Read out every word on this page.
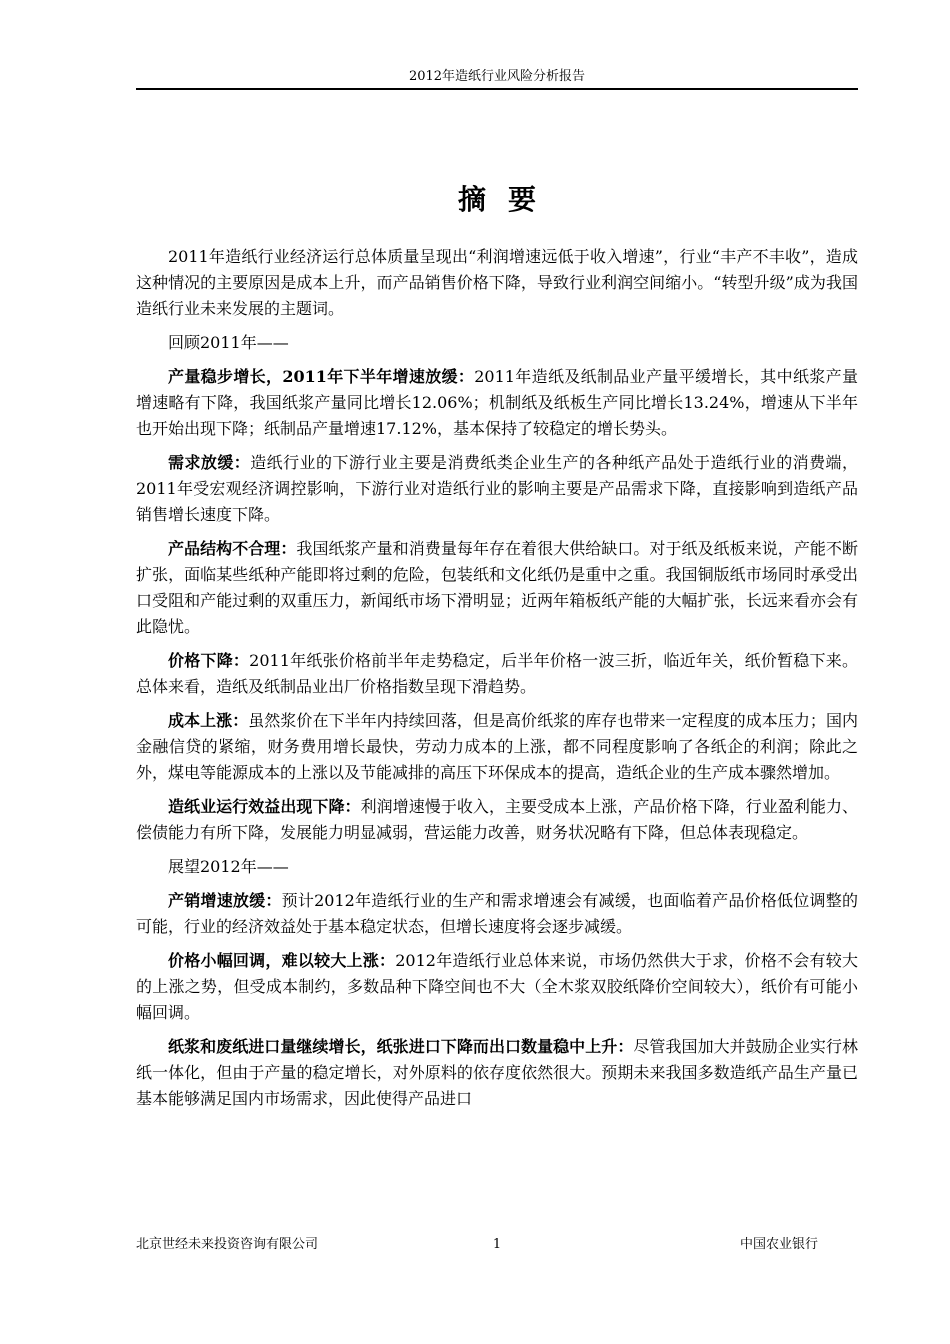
2012年造纸行业风险分析报告
摘要

2011年造纸行业经济运行总体质量呈现出“利润增速远低于收入增速”，行业“丰产不丰收”，造成这种情况的主要原因是成本上升，而产品销售价格下降，导致行业利润空间缩小。“转型升级”成为我国造纸行业未来发展的主题词。

回顾2011年——

产量稳步增长，2011年下半年增速放缓：2011年造纸及纸制品业产量平缓增长，其中纸浆产量增速略有下降，我国纸浆产量同比增长12.06%；机制纸及纸板生产同比增长13.24%，增速从下半年也开始出现下降；纸制品产量增速17.12%，基本保持了较稳定的增长势头。

需求放缓：造纸行业的下游行业主要是消费纸类企业生产的各种纸产品处于造纸行业的消费端，2011年受宏观经济调控影响，下游行业对造纸行业的影响主要是产品需求下降，直接影响到造纸产品销售增长速度下降。

产品结构不合理：我国纸浆产量和消费量每年存在着很大供给缺口。对于纸及纸板来说，产能不断扩张，面临某些纸种产能即将过剩的危险，包装纸和文化纸仍是重中之重。我国铜版纸市场同时承受出口受阻和产能过剩的双重压力，新闻纸市场下滑明显；近两年箱板纸产能的大幅扩张，长远来看亦会有此隐忧。

价格下降：2011年纸张价格前半年走势稳定，后半年价格一波三折，临近年关，纸价暂稳下来。总体来看，造纸及纸制品业出厂价格指数呈现下滑趋势。

成本上涨：虽然浆价在下半年内持续回落，但是高价纸浆的库存也带来一定程度的成本压力；国内金融信贷的紧缩，财务费用增长最快，劳动力成本的上涨，都不同程度影响了各纸企的利润；除此之外，煤电等能源成本的上涨以及节能减排的高压下环保成本的提高，造纸企业的生产成本骤然增加。

造纸业运行效益出现下降：利润增速慢于收入，主要受成本上涨，产品价格下降，行业盈利能力、偿债能力有所下降，发展能力明显减弱，营运能力改善，财务状况略有下降，但总体表现稳定。

展望2012年——

产销增速放缓：预计2012年造纸行业的生产和需求增速会有减缓，也面临着产品价格低位调整的可能，行业的经济效益处于基本稳定状态，但增长速度将会逐步减缓。

价格小幅回调，难以较大上涨：2012年造纸行业总体来说，市场仍然供大于求，价格不会有较大的上涨之势，但受成本制约，多数品种下降空间也不大（全木浆双胶纸降价空间较大），纸价有可能小幅回调。

纸浆和废纸进口量继续增长，纸张进口下降而出口数量稳中上升：尽管我国加大并鼓励企业实行林纸一体化，但由于产量的稳定增长，对外原料的依存度依然很大。预期未来我国多数造纸产品生产量已基本能够满足国内市场需求，因此使得产品进口

北京世经未来投资咨询有限公司	1	中国农业银行
